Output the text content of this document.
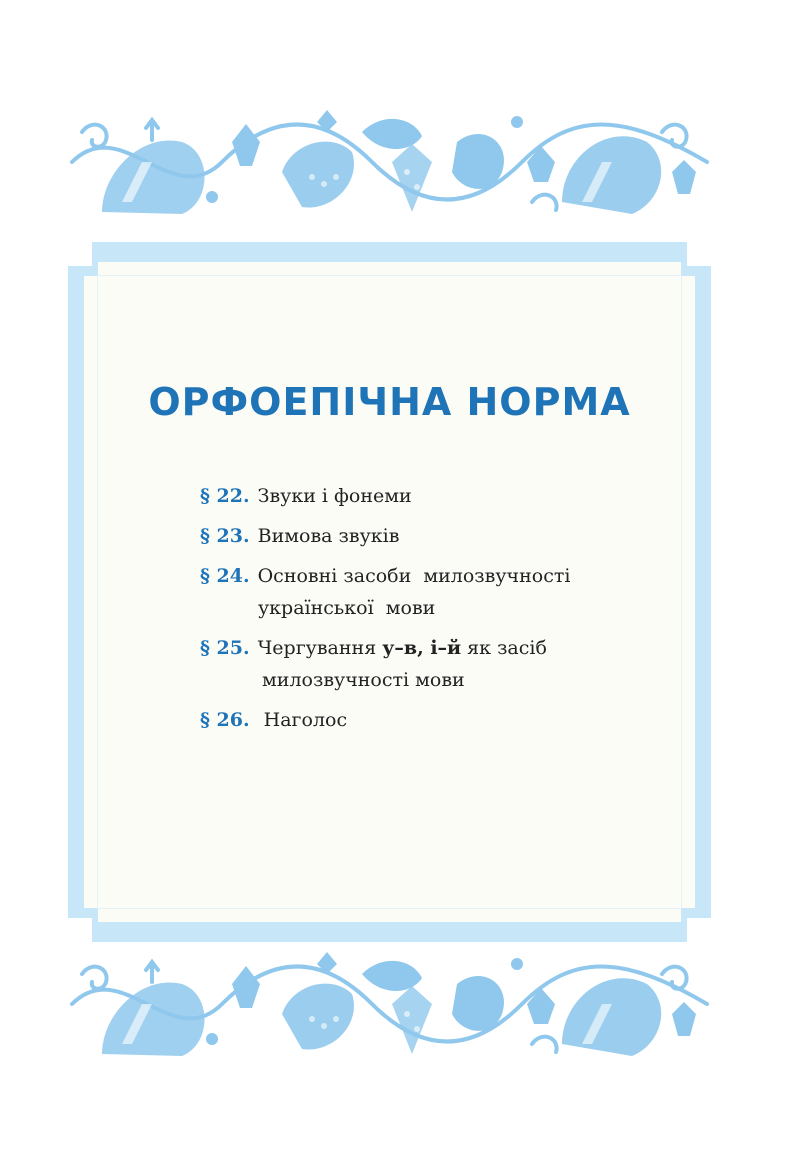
ОРФОЕПІЧНА НОРМА
§ 22. Звуки і фонеми
§ 23. Вимова звуків
§ 24. Основні засоби  милозвучності
української  мови
§ 25. Чергування у–в, і–й як засіб
милозвучності мови
§ 26. Наголос
